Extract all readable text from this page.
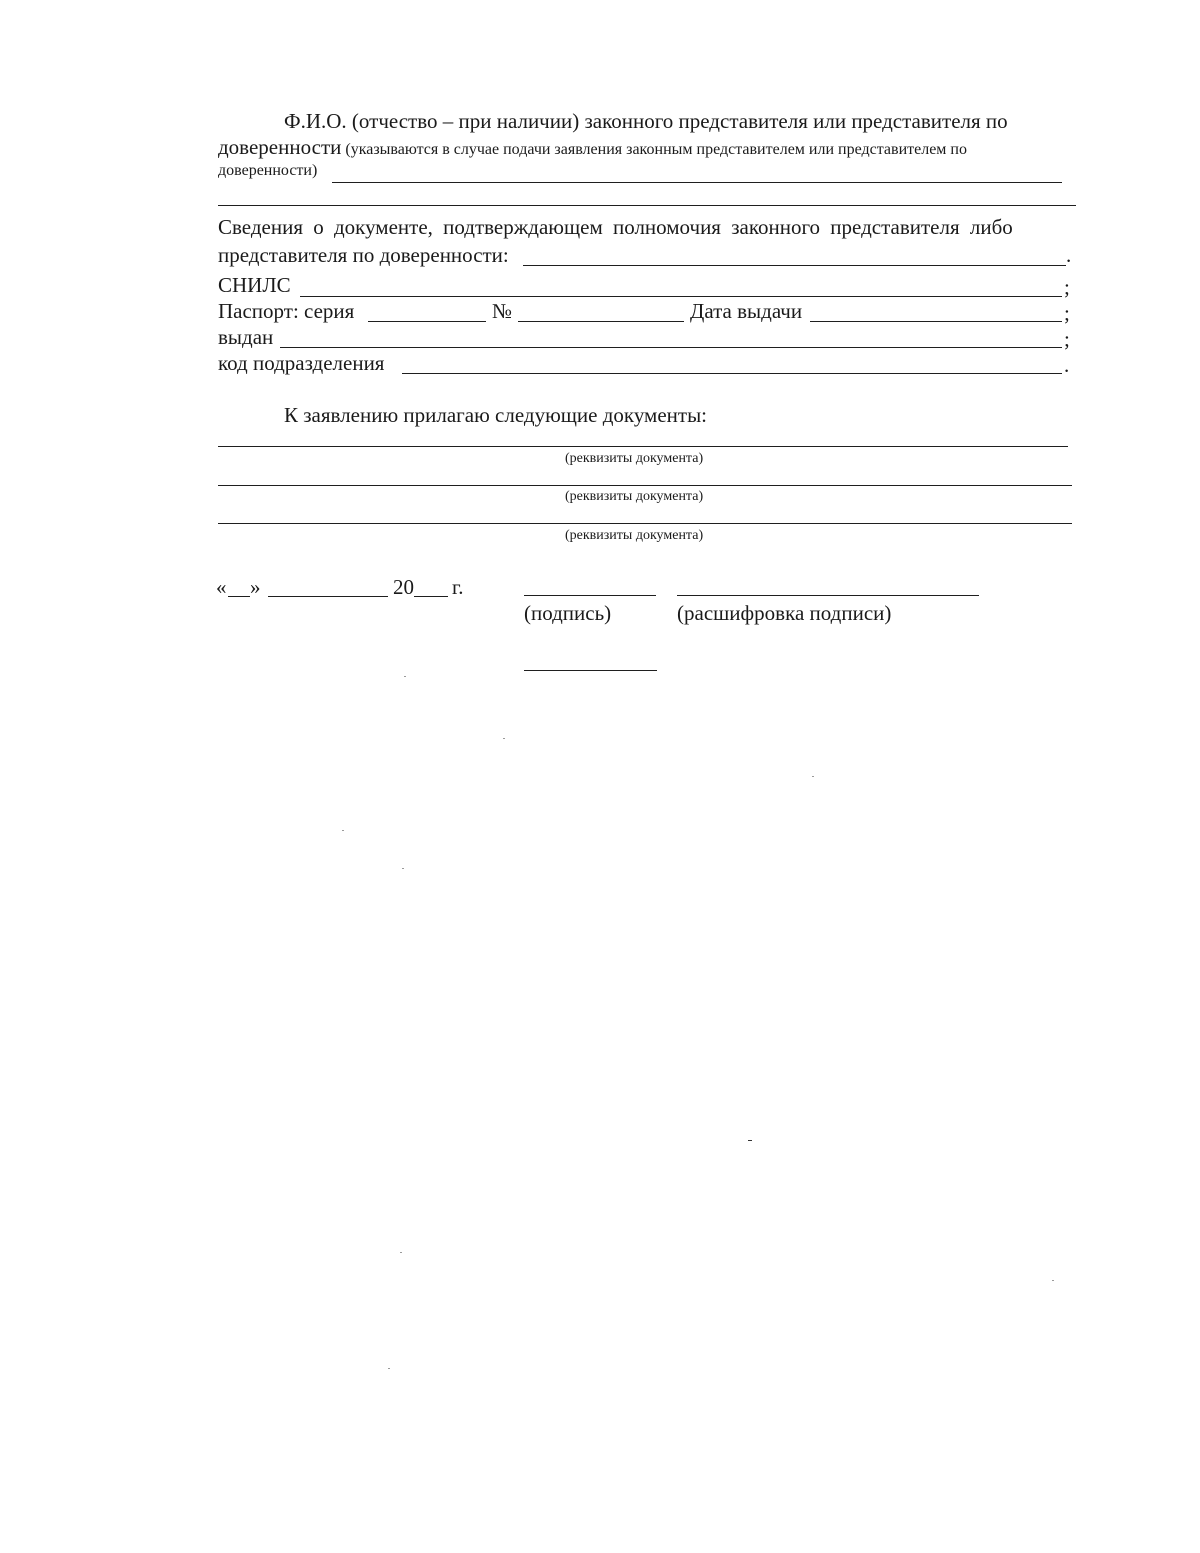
Ф.И.О. (отчество – при наличии) законного представителя или представителя по
доверенности (указываются в случае подачи заявления законным представителем или представителем по
доверенности)
Сведения о документе, подтверждающем полномочия законного представителя либо
представителя по доверенности:	.
СНИЛС	;
Паспорт: серия	№	Дата выдачи	;
выдан	;
код подразделения	.
К заявлению прилагаю следующие документы:
(реквизиты документа)
(реквизиты документа)
(реквизиты документа)
« »	20 г.
(подпись)	(расшифровка подписи)
